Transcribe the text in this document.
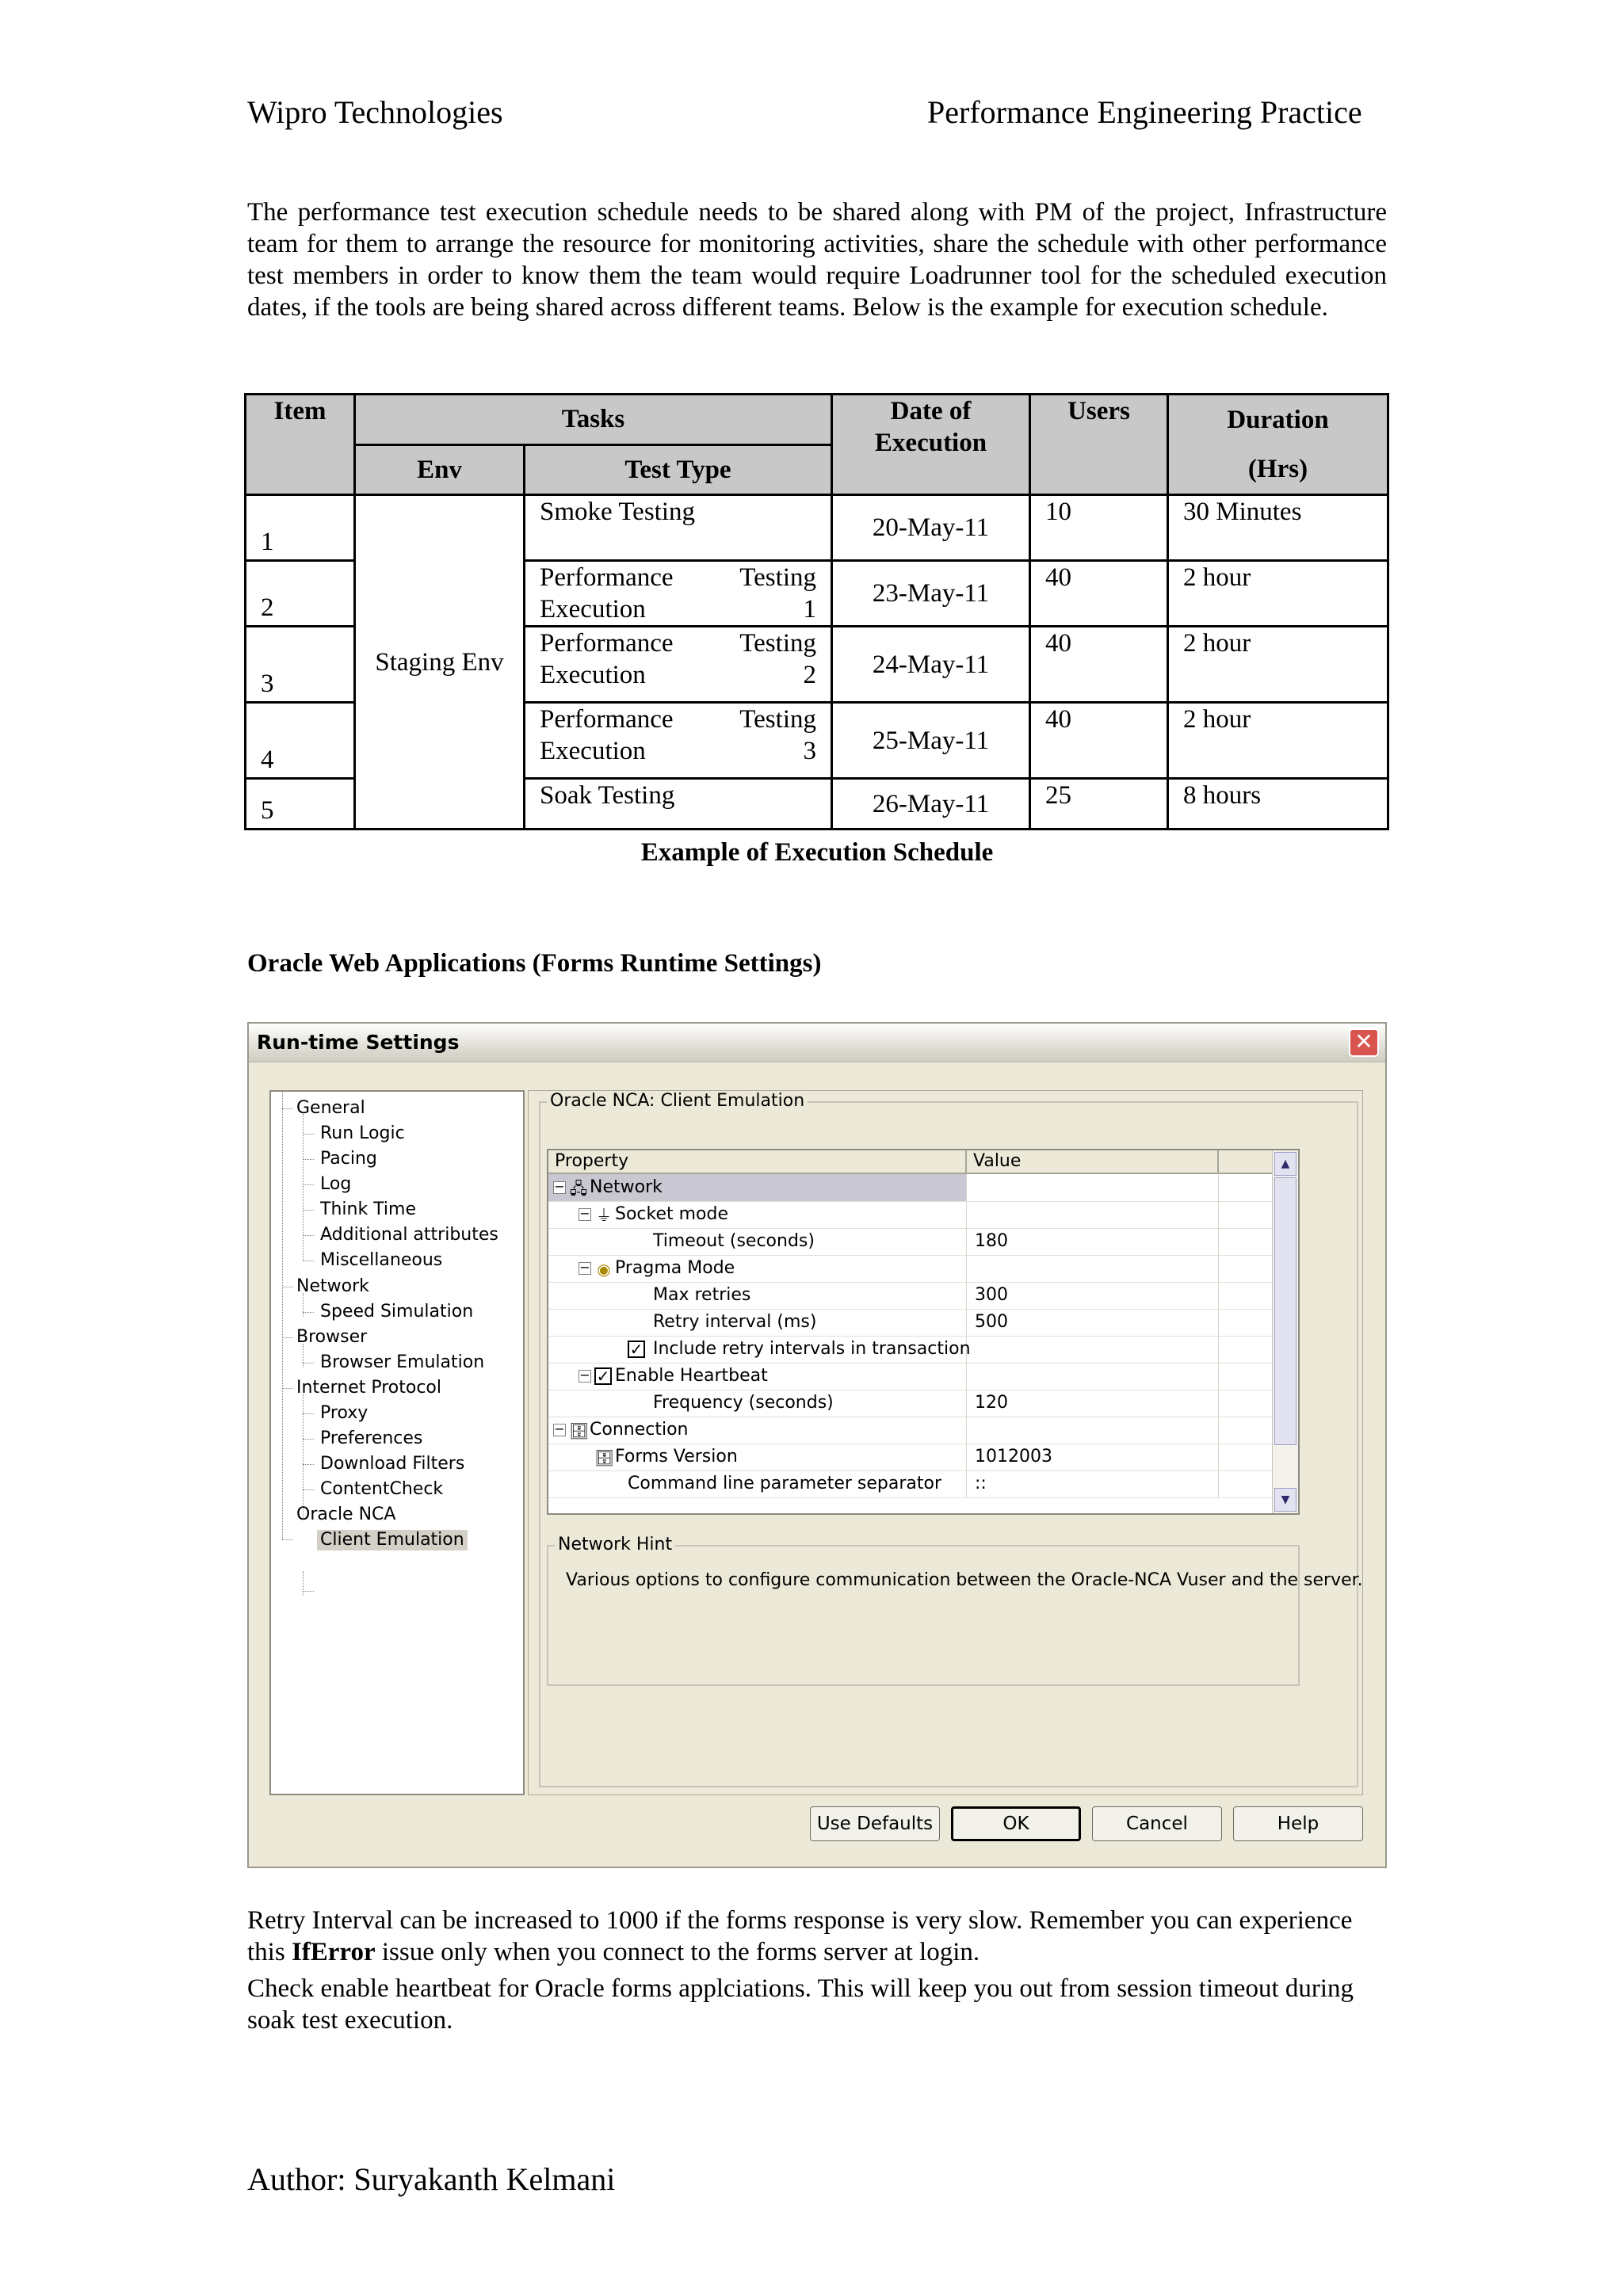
Wipro Technologies	Performance Engineering Practice
The performance test execution schedule needs to be shared along with PM of the project, Infrastructure team for them to arrange the resource for monitoring activities, share the schedule with other performance test members in order to know them the team would require Loadrunner tool for the scheduled execution dates, if the tools are being shared across different teams. Below is the example for execution schedule.
Item	Tasks		Date of Execution	Users	Duration
(Hrs)

	Env	Test Type			
1	Staging Env	Smoke Testing	20-May-11	10	30 Minutes
2		Performance Testing Execution 1	23-May-11	40	2 hour
3		Performance Testing Execution 2	24-May-11	40	2 hour
4		Performance Testing Execution 3	25-May-11	40	2 hour
5		Soak Testing	26-May-11	25	8 hours
Example of Execution Schedule
Oracle Web Applications (Forms Runtime Settings)
Run-time Settings	✕
General
Run Logic
Pacing
Log
Think Time
Additional attributes
Miscellaneous
Network
Speed Simulation
Browser
Browser Emulation
Internet Protocol
Proxy
Preferences
Download Filters
ContentCheck
Oracle NCA
Client Emulation
Oracle NCA: Client Emulation
Property	Value
− 🖧 Network
− ⏚ Socket mode
Timeout (seconds)	180
− ◉ Pragma Mode
Max retries	300
Retry interval (ms)	500
✓ Include retry intervals in transaction
− ✓ Enable Heartbeat
Frequency (seconds)	120
− 🗄 Connection
🗄 Forms Version	1012003
Command line parameter separator	::
▲
▼
Network Hint
Various options to configure communication between the Oracle-NCA Vuser and the server.
Use Defaults	OK	Cancel	Help
Retry Interval can be increased to 1000 if the forms response is very slow. Remember you can experience this IfError issue only when you connect to the forms server at login.
Check enable heartbeat for Oracle forms applciations. This will keep you out from session timeout during soak test execution.
Author: Suryakanth Kelmani
